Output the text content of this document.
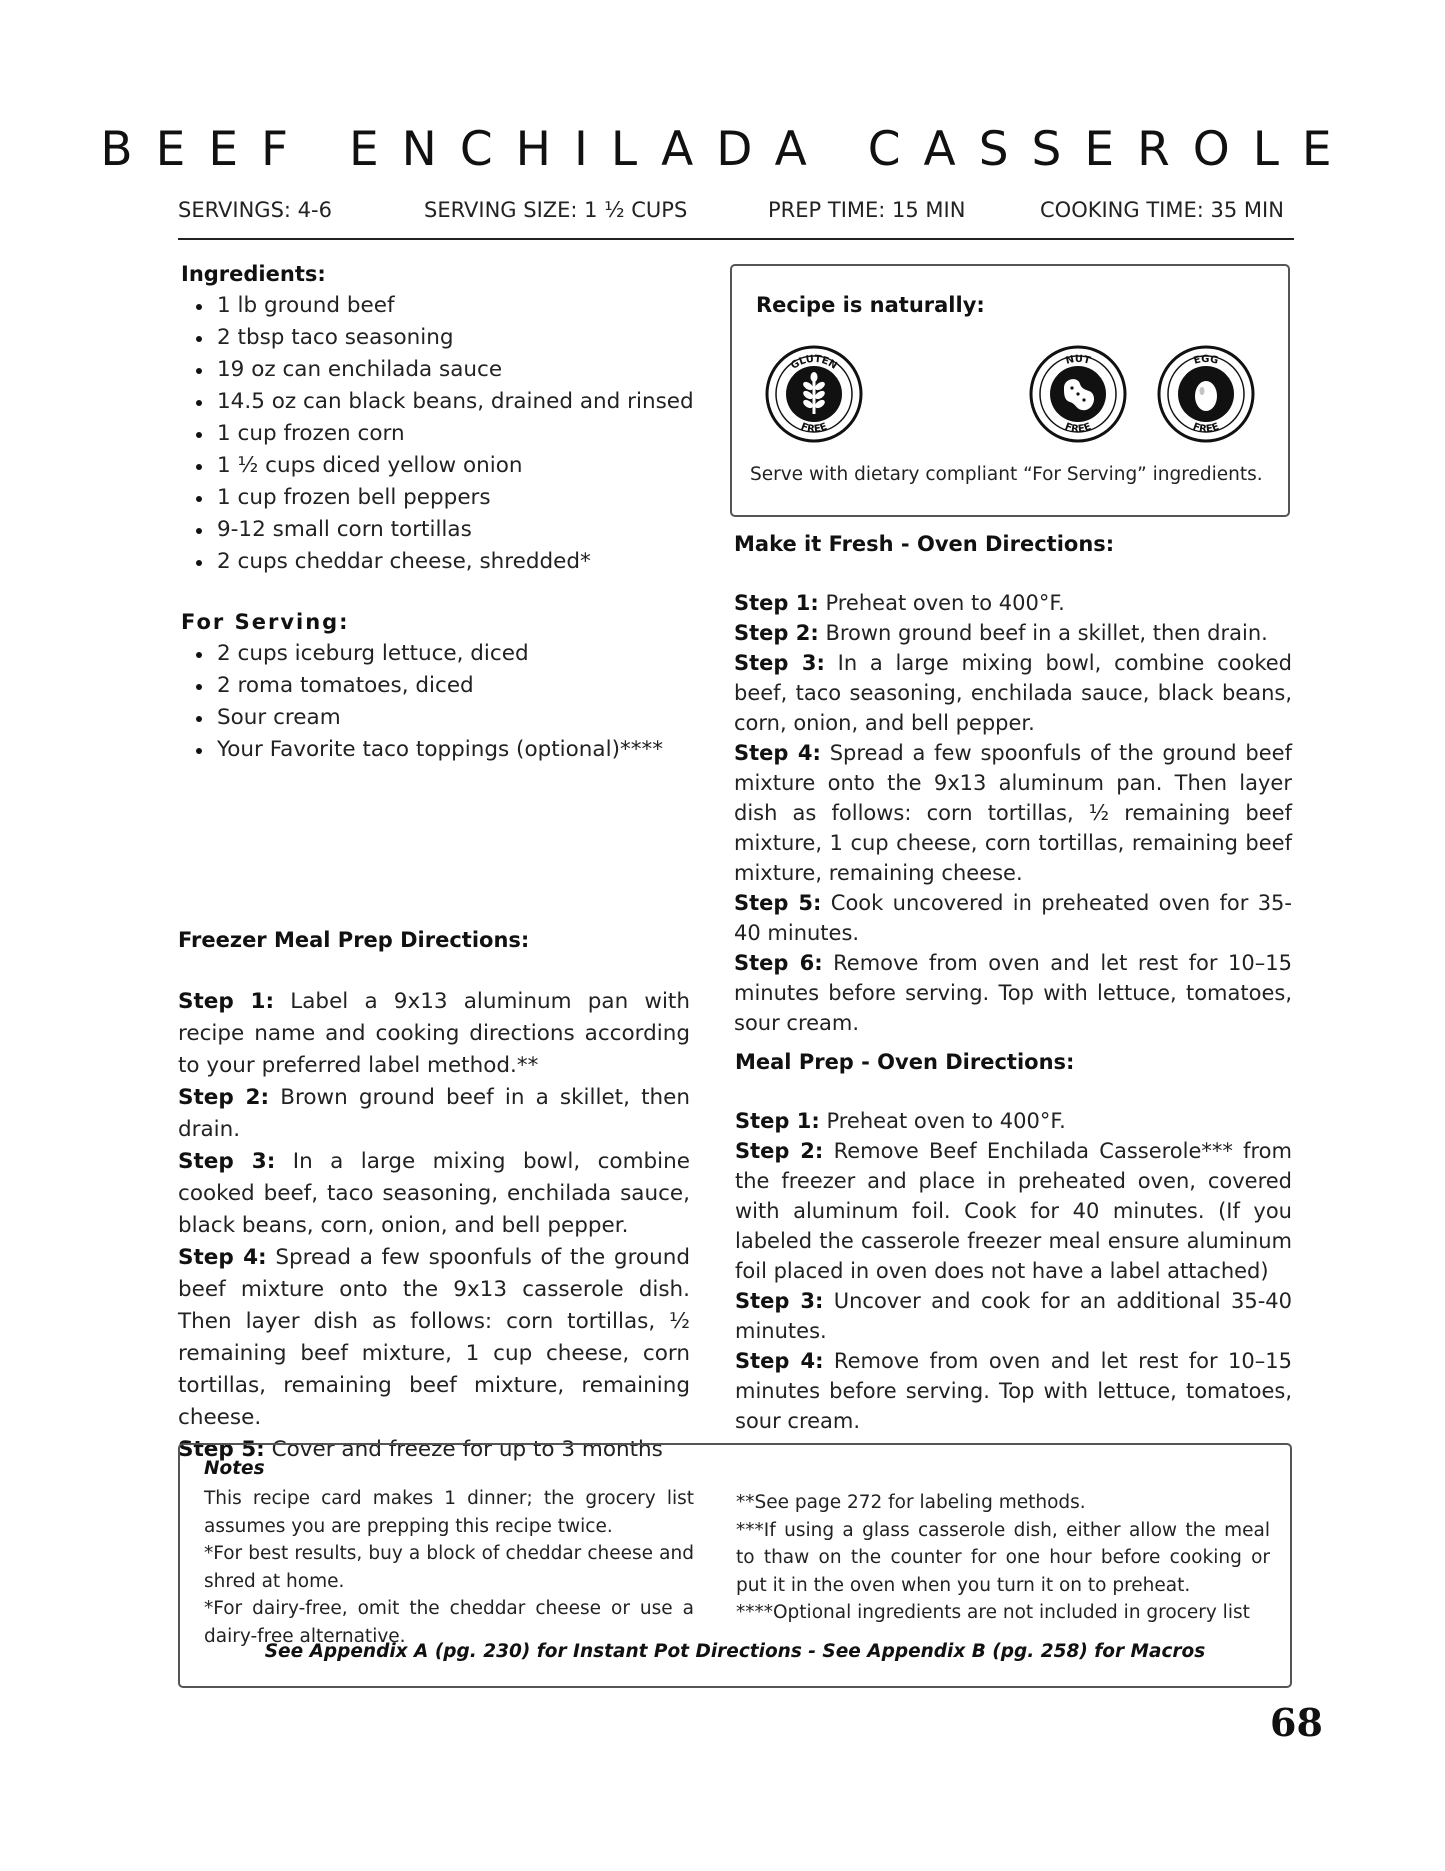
BEEF ENCHILADA CASSEROLE
SERVINGS: 4-6	SERVING SIZE: 1 ½ CUPS	PREP TIME: 15 MIN	COOKING TIME: 35 MIN
Ingredients:
1 lb ground beef
2 tbsp taco seasoning
19 oz can enchilada sauce
14.5 oz can black beans, drained and rinsed
1 cup frozen corn
1 ½ cups diced yellow onion
1 cup frozen bell peppers
9-12 small corn tortillas
2 cups cheddar cheese, shredded*
For Serving:
2 cups iceburg lettuce, diced
2 roma tomatoes, diced
Sour cream
Your Favorite taco toppings (optional)****
Recipe is naturally:
GLUTEN
FREE
NUT
FREE
EGG
FREE
Serve with dietary compliant “For Serving” ingredients.
Make it Fresh - Oven Directions:

Step 1: Preheat oven to 400°F.

Step 2: Brown ground beef in a skillet, then drain.

Step 3: In a large mixing bowl, combine cooked beef, taco seasoning, enchilada sauce, black beans, corn, onion, and bell pepper.

Step 4: Spread a few spoonfuls of the ground beef mixture onto the 9x13 aluminum pan. Then layer dish as follows: corn tortillas, ½ remaining beef mixture, 1 cup cheese, corn tortillas, remaining beef mixture, remaining cheese.

Step 5: Cook uncovered in preheated oven for 35-40 minutes.

Step 6: Remove from oven and let rest for 10–15 minutes before serving. Top with lettuce, tomatoes, sour cream.

Meal Prep - Oven Directions:

Step 1: Preheat oven to 400°F.

Step 2: Remove Beef Enchilada Casserole*** from the freezer and place in preheated oven, covered with aluminum foil. Cook for 40 minutes. (If you labeled the casserole freezer meal ensure aluminum foil placed in oven does not have a label attached)

Step 3: Uncover and cook for an additional 35-40 minutes.

Step 4: Remove from oven and let rest for 10–15 minutes before serving. Top with lettuce, tomatoes, sour cream.

Freezer Meal Prep Directions:

Step 1: Label a 9x13 aluminum pan with recipe name and cooking directions according to your preferred label method.**

Step 2: Brown ground beef in a skillet, then drain.

Step 3: In a large mixing bowl, combine cooked beef, taco seasoning, enchilada sauce, black beans, corn, onion, and bell pepper.

Step 4: Spread a few spoonfuls of the ground beef mixture onto the 9x13 casserole dish. Then layer dish as follows: corn tortillas, ½ remaining beef mixture, 1 cup cheese, corn tortillas, remaining beef mixture, remaining cheese.

Step 5: Cover and freeze for up to 3 months

Notes

This recipe card makes 1 dinner; the grocery list assumes you are prepping this recipe twice.

*For best results, buy a block of cheddar cheese and shred at home.

*For dairy-free, omit the cheddar cheese or use a dairy-free alternative.

**See page 272 for labeling methods.

***If using a glass casserole dish, either allow the meal to thaw on the counter for one hour before cooking or put it in the oven when you turn it on to preheat.

****Optional ingredients are not included in grocery list

See Appendix A (pg. 230) for Instant Pot Directions - See Appendix B (pg. 258) for Macros
68
